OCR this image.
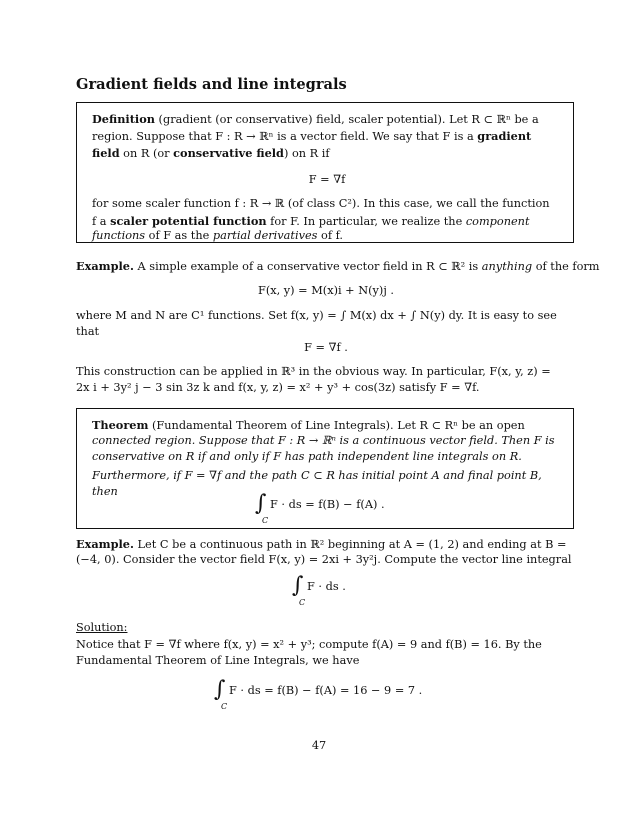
Gradient fields and line integrals
Definition (gradient (or conservative) field, scaler potential). Let R ⊂ ℝⁿ be a
region. Suppose that F : R → ℝⁿ is a vector field. We say that F is a gradient
field on R (or conservative field) on R if
F = ∇f
for some scaler function f : R → ℝ (of class C²). In this case, we call the function
f a scaler potential function for F. In particular, we realize the component
functions of F as the partial derivatives of f.
Example. A simple example of a conservative vector field in R ⊂ ℝ² is anything of the form
F(x, y) = M(x)i + N(y)j .
where M and N are C¹ functions. Set f(x, y) = ∫ M(x) dx + ∫ N(y) dy. It is easy to see
that
F = ∇f .
This construction can be applied in ℝ³ in the obvious way. In particular, F(x, y, z) =
2x i + 3y² j − 3 sin 3z k and f(x, y, z) = x² + y³ + cos(3z) satisfy F = ∇f.
Theorem (Fundamental Theorem of Line Integrals). Let R ⊂ Rⁿ be an open
connected region. Suppose that F : R → ℝⁿ is a continuous vector field. Then F is
conservative on R if and only if F has path independent line integrals on R.
Furthermore, if F = ∇f and the path C ⊂ R has initial point A and final point B,
then	∫
C
F · ds = f(B) − f(A) .
Example. Let C be a continuous path in ℝ² beginning at A = (1, 2) and ending at B =
(−4, 0). Consider the vector field F(x, y) = 2xi + 3y²j. Compute the vector line integral
∫
C
F · ds .
Solution:
Notice that F = ∇f where f(x, y) = x² + y³; compute f(A) = 9 and f(B) = 16. By the
Fundamental Theorem of Line Integrals, we have
∫
C
F · ds = f(B) − f(A) = 16 − 9 = 7 .
47
